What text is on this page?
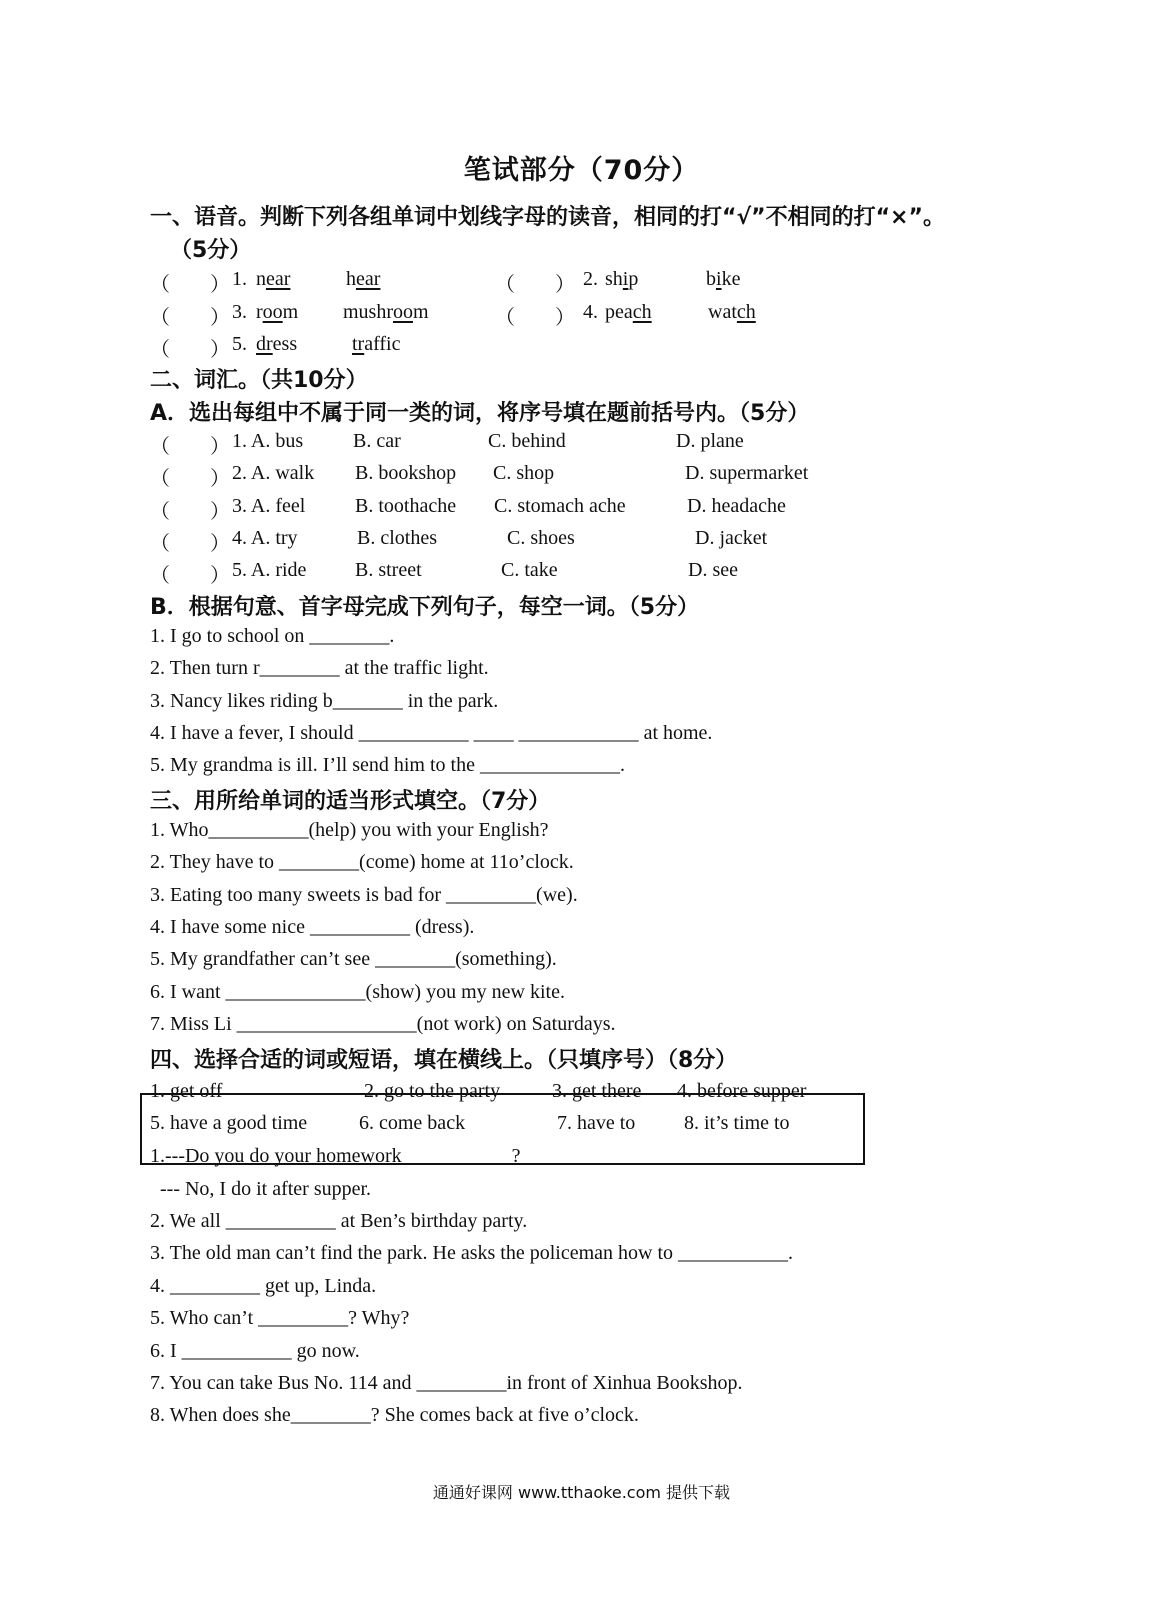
笔试部分（70分）
一、语音。判断下列各组单词中划线字母的读音，相同的打“√”不相同的打“×”。
（5分）
（　　） 1. near	hear	（　　） 2. ship	bike
（　　） 3. room mushroom	（　　） 4. peach	watch
（　　） 5. dress	traffic
二、词汇。（共10分）
A．选出每组中不属于同一类的词，将序号填在题前括号内。（5分）
（　　） 1. A. bus B. car	C. behind	D. plane
（　　） 2. A. walk B. bookshop C. shop	D. supermarket
（　　） 3. A. feel B. toothache C. stomach ache	D. headache
（　　） 4. A. try	B. clothes	C. shoes	D. jacket
（　　） 5. A. ride B. street	C. take	D. see
B．根据句意、首字母完成下列句子，每空一词。（5分）
1. I go to school on ________.
2. Then turn r________ at the traffic light.
3. Nancy likes riding b_______ in the park.
4. I have a fever, I should ___________ ____ ____________ at home.
5. My grandma is ill. I’ll send him to the ______________.
三、用所给单词的适当形式填空。（7分）
1. Who__________(help) you with your English?
2. They have to ________(come) home at 11o’clock.
3. Eating too many sweets is bad for _________(we).
4. I have some nice __________ (dress).
5. My grandfather can’t see ________(something).
6. I want ______________(show) you my new kite.
7. Miss Li __________________(not work) on Saturdays.
四、选择合适的词或短语，填在横线上。（只填序号）（8分）
1. get off	2. go to the party	3. get there 4. before supper
5. have a good time	6. come back	7. have to 8. it’s time to
1.---Do you do your homework___________?
--- No, I do it after supper.
2. We all ___________ at Ben’s birthday party.
3. The old man can’t find the park. He asks the policeman how to ___________.
4. _________ get up, Linda.
5. Who can’t _________? Why?
6. I ___________ go now.
7. You can take Bus No. 114 and _________in front of Xinhua Bookshop.
8. When does she________? She comes back at five o’clock.
通通好课网 www.tthaoke.com 提供下载
